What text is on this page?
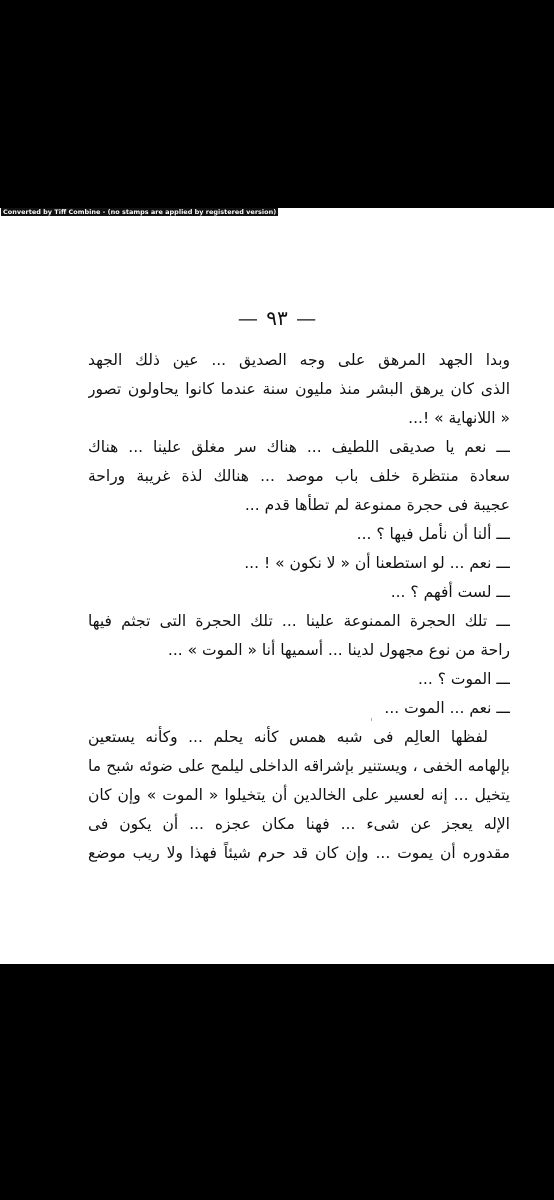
Converted by Tiff Combine - (no stamps are applied by registered version)
— ٩٣ —
وبدا الجهد المرهق على وجه الصديق ... عين ذلك الجهد
الذى كان يرهق البشر منذ مليون سنة عندما كانوا يحاولون تصور
« اللانهاية » !...
ـــ نعم يا صديقى اللطيف ... هناك سر مغلق علينا ... هناك
سعادة منتظرة خلف باب موصد ... هنالك لذة غريبة وراحة
عجيبة فى حجرة ممنوعة لم تطأها قدم ...
ـــ ألنا أن نأمل فيها ؟ ...
ـــ نعم ... لو استطعنا أن « لا نكون » ! ...
ـــ لست أفهم ؟ ...
ـــ تلك الحجرة الممنوعة علينا ... تلك الحجرة التى تجثم فيها
راحة من نوع مجهول لدينا ... أسميها أنا « الموت » ...
ـــ الموت ؟ ...
ـــ نعم ... الموت ...
لفظها العالِم فى شبه همس كأنه يحلم ... وكأنه يستعين
بإلهامه الخفى ، ويستنير بإشراقه الداخلى ليلمح على ضوئه شبح ما
يتخيل ... إنه لعسير على الخالدين أن يتخيلوا « الموت » وإن كان
الإله يعجز عن شىء ... فهنا مكان عجزه ... أن يكون فى
مقدوره أن يموت ... وإن كان قد حرم شيئاً فهذا ولا ريب موضع
